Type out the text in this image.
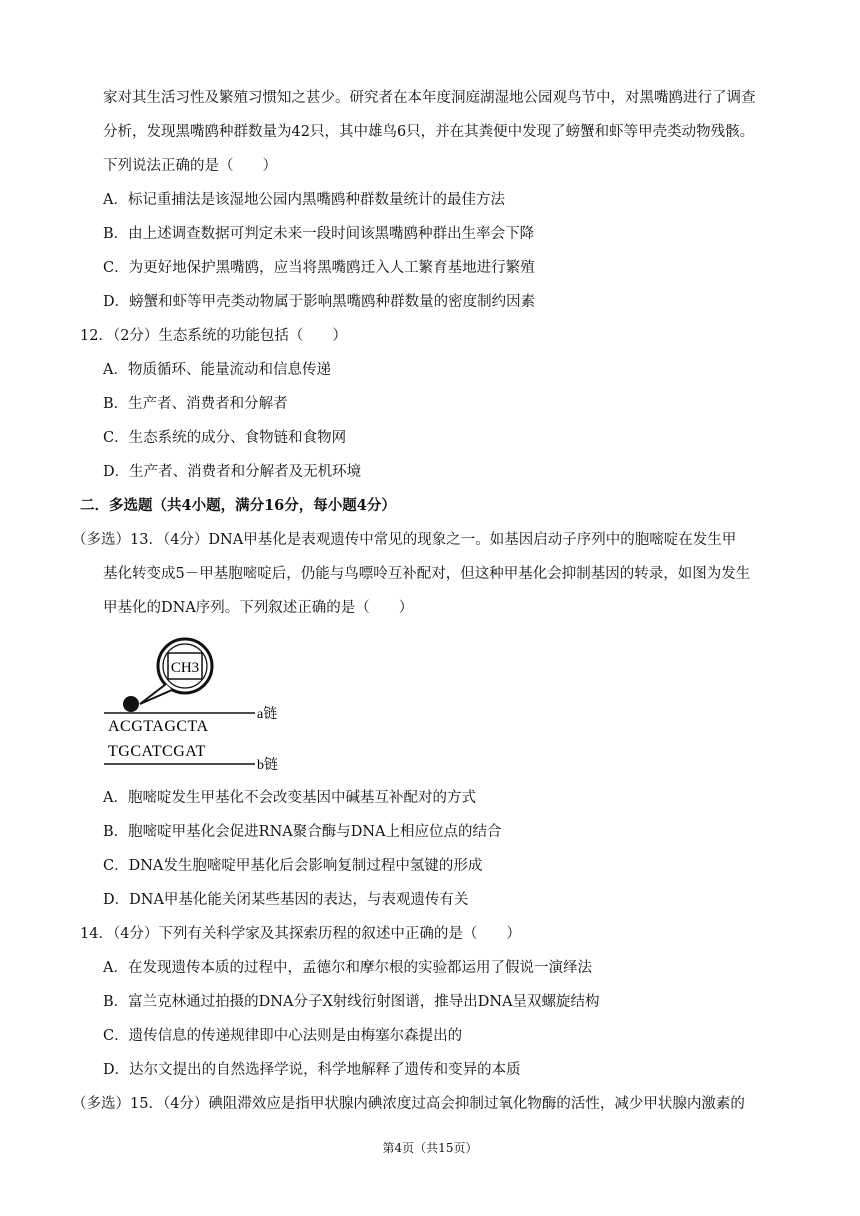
家对其生活习性及繁殖习惯知之甚少。研究者在本年度洞庭湖湿地公园观鸟节中，对黑嘴鸥进行了调查
分析，发现黑嘴鸥种群数量为42只，其中雄鸟6只，并在其粪便中发现了螃蟹和虾等甲壳类动物残骸。
下列说法正确的是（　　）
A．标记重捕法是该湿地公园内黑嘴鸥种群数量统计的最佳方法
B．由上述调查数据可判定未来一段时间该黑嘴鸥种群出生率会下降
C．为更好地保护黑嘴鸥，应当将黑嘴鸥迁入人工繁育基地进行繁殖
D．螃蟹和虾等甲壳类动物属于影响黑嘴鸥种群数量的密度制约因素
12．（2分）生态系统的功能包括（　　）
A．物质循环、能量流动和信息传递
B．生产者、消费者和分解者
C．生态系统的成分、食物链和食物网
D．生产者、消费者和分解者及无机环境
二．多选题（共4小题，满分16分，每小题4分）
（多选）13．（4分）DNA甲基化是表观遗传中常见的现象之一。如基因启动子序列中的胞嘧啶在发生甲
基化转变成5－甲基胞嘧啶后，仍能与鸟嘌呤互补配对，但这种甲基化会抑制基因的转录，如图为发生
甲基化的DNA序列。下列叙述正确的是（　　）
CH3
ACGTAGCTA
a链
TGCATCGAT
b链
A．胞嘧啶发生甲基化不会改变基因中碱基互补配对的方式
B．胞嘧啶甲基化会促进RNA聚合酶与DNA上相应位点的结合
C．DNA发生胞嘧啶甲基化后会影响复制过程中氢键的形成
D．DNA甲基化能关闭某些基因的表达，与表观遗传有关
14．（4分）下列有关科学家及其探索历程的叙述中正确的是（　　）
A．在发现遗传本质的过程中，孟德尔和摩尔根的实验都运用了假说一演绎法
B．富兰克林通过拍摄的DNA分子X射线衍射图谱，推导出DNA呈双螺旋结构
C．遗传信息的传递规律即中心法则是由梅塞尔森提出的
D．达尔文提出的自然选择学说，科学地解释了遗传和变异的本质
（多选）15．（4分）碘阻滞效应是指甲状腺内碘浓度过高会抑制过氧化物酶的活性，减少甲状腺内激素的
第4页（共15页）
